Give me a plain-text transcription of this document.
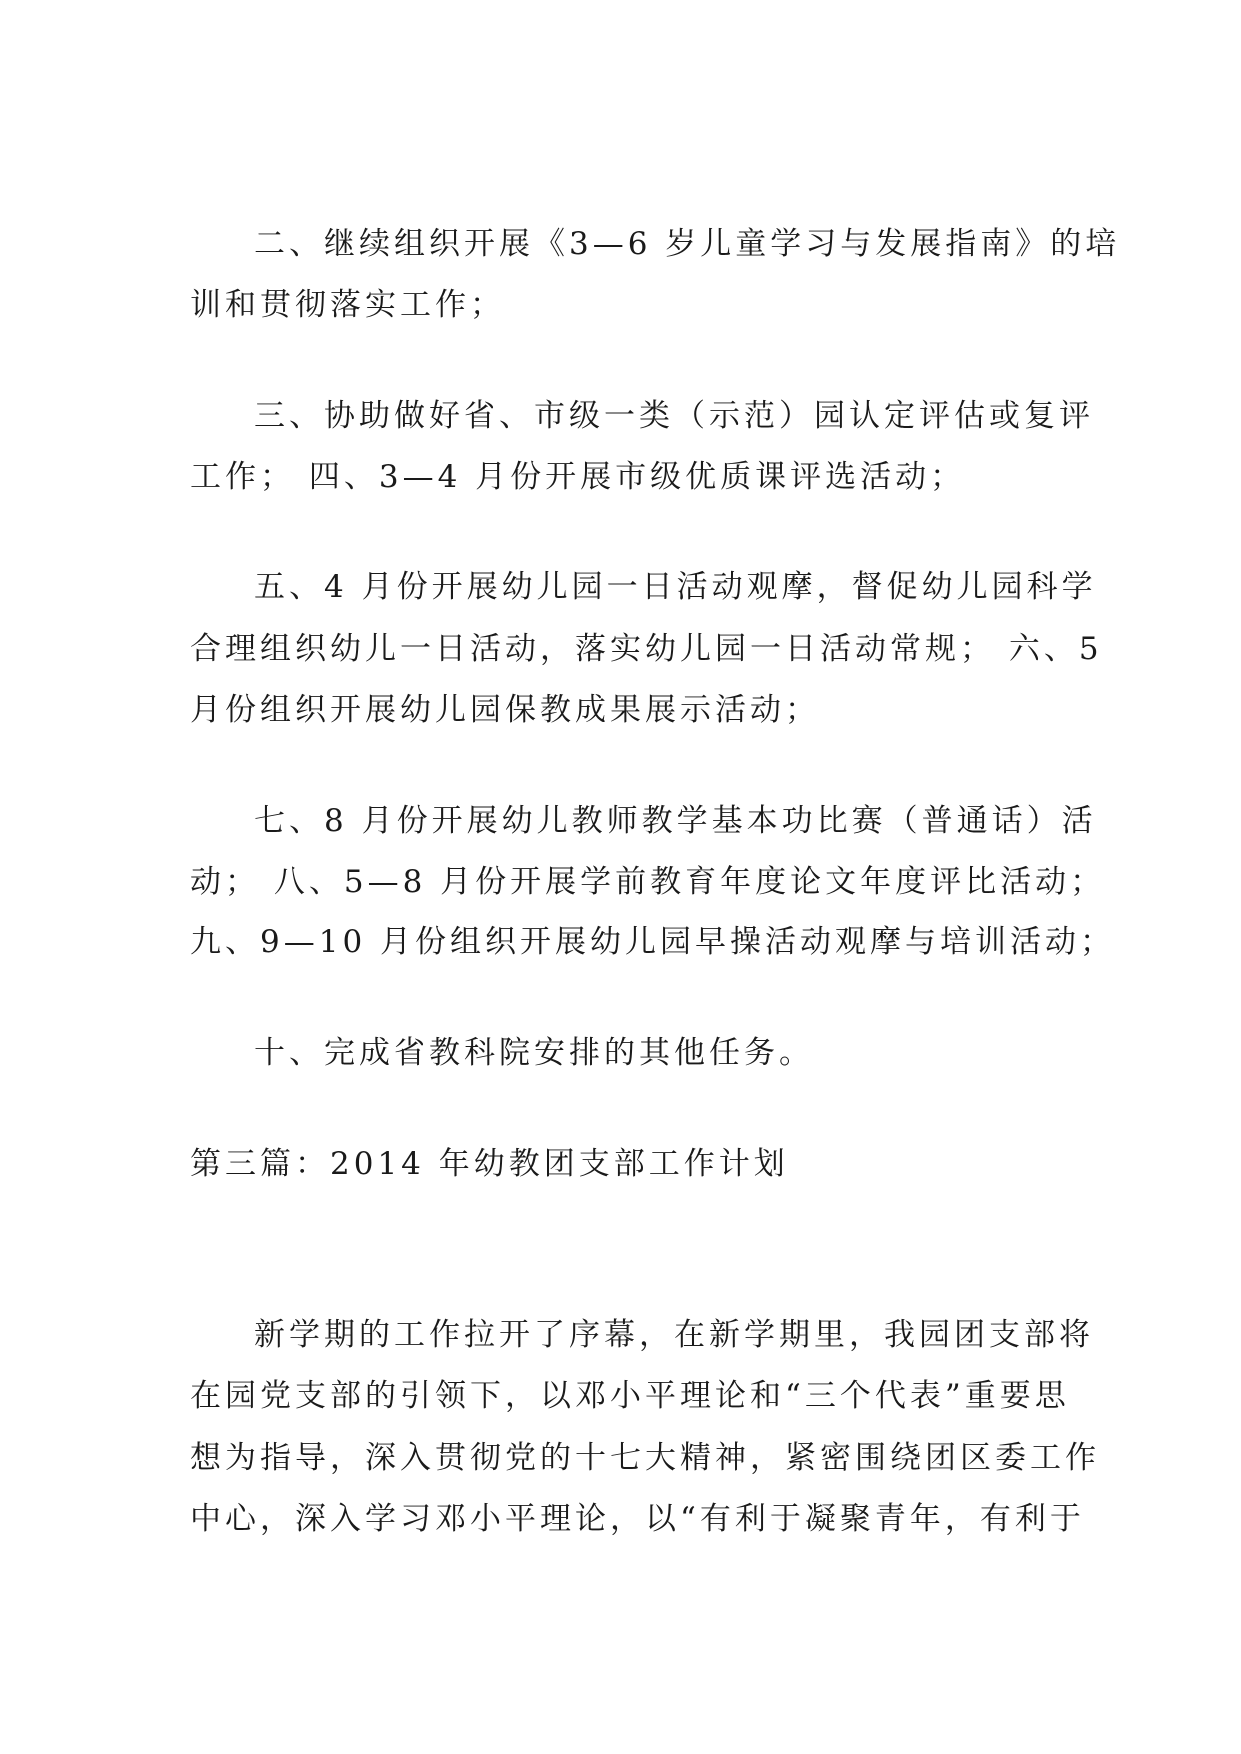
二、继续组织开展《3—6 岁儿童学习与发展指南》的培
训和贯彻落实工作；
三、协助做好省、市级一类（示范）园认定评估或复评
工作； 四、3—4 月份开展市级优质课评选活动；
五、4 月份开展幼儿园一日活动观摩，督促幼儿园科学
合理组织幼儿一日活动，落实幼儿园一日活动常规； 六、5
月份组织开展幼儿园保教成果展示活动；
七、8 月份开展幼儿教师教学基本功比赛（普通话）活
动； 八、5—8 月份开展学前教育年度论文年度评比活动；
九、9—10 月份组织开展幼儿园早操活动观摩与培训活动；
十、完成省教科院安排的其他任务。
第三篇：2014 年幼教团支部工作计划
新学期的工作拉开了序幕，在新学期里，我园团支部将
在园党支部的引领下，以邓小平理论和“三个代表”重要思
想为指导，深入贯彻党的十七大精神，紧密围绕团区委工作
中心，深入学习邓小平理论，以“有利于凝聚青年，有利于
